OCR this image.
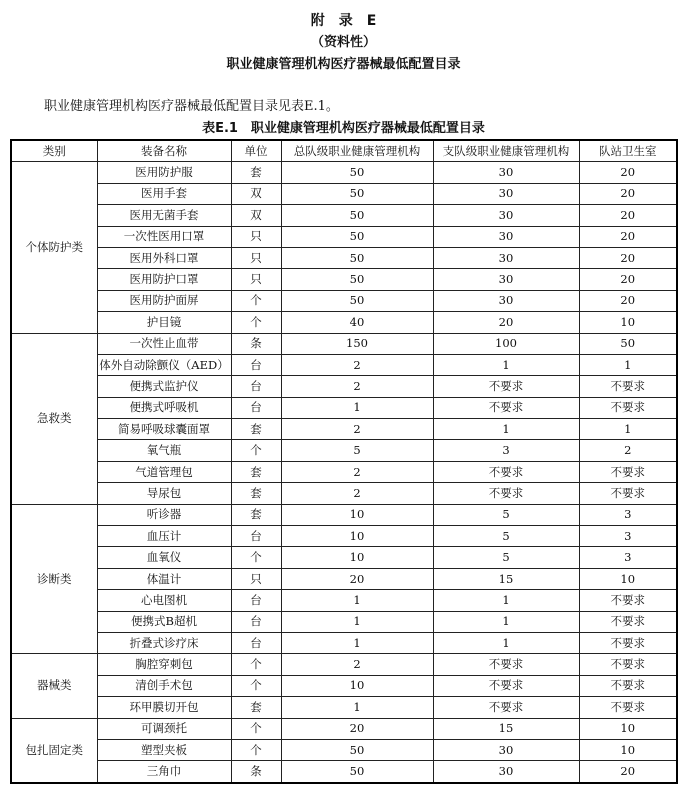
附　录　E
（资料性）
职业健康管理机构医疗器械最低配置目录
职业健康管理机构医疗器械最低配置目录见表E.1。
表E.1　职业健康管理机构医疗器械最低配置目录
类别	装备名称	单位	总队级职业健康管理机构	支队级职业健康管理机构	队站卫生室
个体防护类	医用防护服	套	50	30	20
	医用手套	双	50	30	20
	医用无菌手套	双	50	30	20
	一次性医用口罩	只	50	30	20
	医用外科口罩	只	50	30	20
	医用防护口罩	只	50	30	20
	医用防护面屏	个	50	30	20
	护目镜	个	40	20	10
急救类	一次性止血带	条	150	100	50
	体外自动除颤仪（AED）	台	2	1	1
	便携式监护仪	台	2	不要求	不要求
	便携式呼吸机	台	1	不要求	不要求
	简易呼吸球囊面罩	套	2	1	1
	氧气瓶	个	5	3	2
	气道管理包	套	2	不要求	不要求
	导尿包	套	2	不要求	不要求
诊断类	听诊器	套	10	5	3
	血压计	台	10	5	3
	血氧仪	个	10	5	3
	体温计	只	20	15	10
	心电图机	台	1	1	不要求
	便携式B超机	台	1	1	不要求
	折叠式诊疗床	台	1	1	不要求
器械类	胸腔穿刺包	个	2	不要求	不要求
	清创手术包	个	10	不要求	不要求
	环甲膜切开包	套	1	不要求	不要求
包扎固定类	可调颈托	个	20	15	10
	塑型夹板	个	50	30	10
	三角巾	条	50	30	20
